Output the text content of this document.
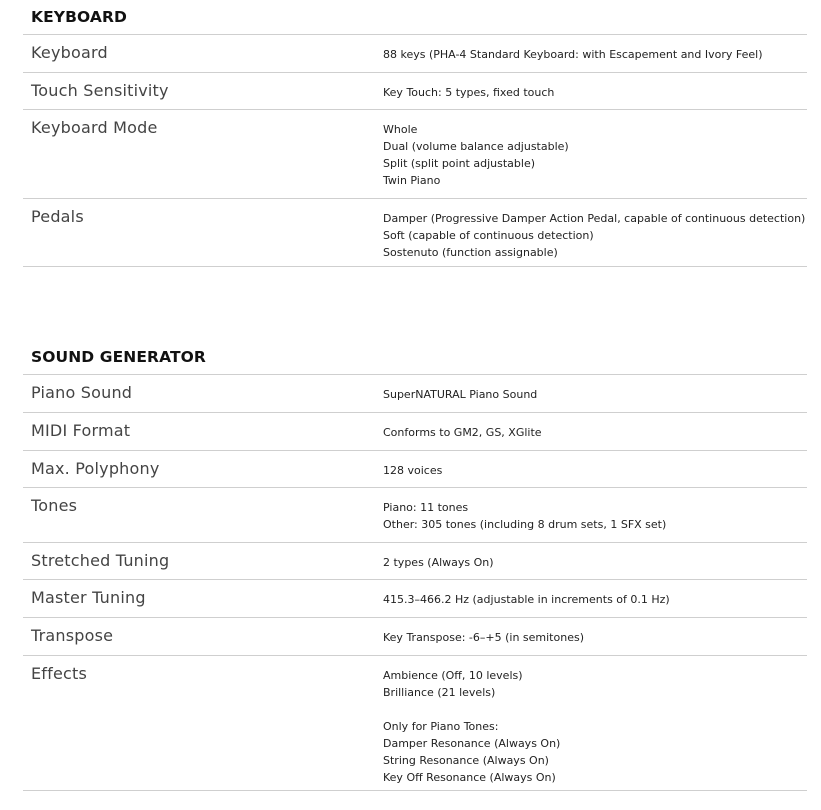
KEYBOARD
Keyboard	88 keys (PHA-4 Standard Keyboard: with Escapement and Ivory Feel)
Touch Sensitivity	Key Touch: 5 types, fixed touch
Keyboard Mode	Whole
Dual (volume balance adjustable)
Split (split point adjustable)
Twin Piano
Pedals	Damper (Progressive Damper Action Pedal, capable of continuous detection)
Soft (capable of continuous detection)
Sostenuto (function assignable)
SOUND GENERATOR
Piano Sound	SuperNATURAL Piano Sound
MIDI Format	Conforms to GM2, GS, XGlite
Max. Polyphony	128 voices
Tones	Piano: 11 tones
Other: 305 tones (including 8 drum sets, 1 SFX set)
Stretched Tuning	2 types (Always On)
Master Tuning	415.3–466.2 Hz (adjustable in increments of 0.1 Hz)
Transpose	Key Transpose: -6–+5 (in semitones)
Effects	Ambience (Off, 10 levels)
Brilliance (21 levels)
Only for Piano Tones:
Damper Resonance (Always On)
String Resonance (Always On)
Key Off Resonance (Always On)
